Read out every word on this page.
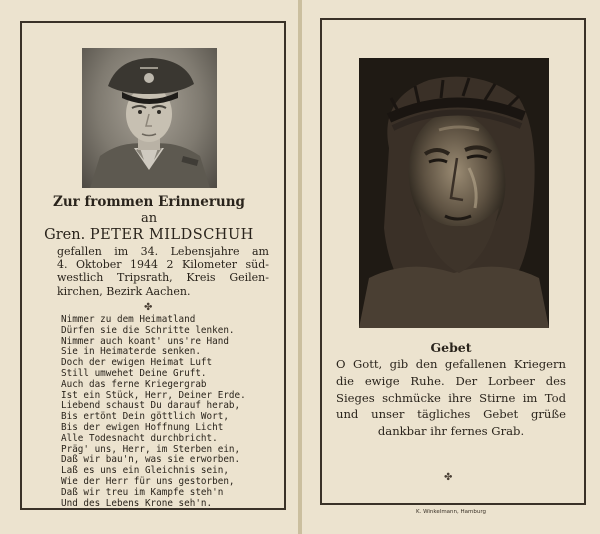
Zur frommen Erinnerung
an
Gren. PETER MILDSCHUH
gefallen im 34. Lebensjahre am
4. Oktober 1944 2 Kilometer süd-
westlich Tripsrath, Kreis Geilen-
kirchen, Bezirk Aachen.
✤
Nimmer zu dem Heimatland
Dürfen sie die Schritte lenken.
Nimmer auch koant' uns're Hand
Sie in Heimaterde senken.
Doch der ewigen Heimat Luft
Still umwehet Deine Gruft.
Auch das ferne Kriegergrab
Ist ein Stück, Herr, Deiner Erde.
Liebend schaust Du darauf herab,
Bis ertönt Dein göttlich Wort,
Bis der ewigen Hoffnung Licht
Alle Todesnacht durchbricht.
Präg' uns, Herr, im Sterben ein,
Daß wir bau'n, was sie erworben.
Laß es uns ein Gleichnis sein,
Wie der Herr für uns gestorben,
Daß wir treu im Kampfe steh'n
Und des Lebens Krone seh'n.
Gebet
O Gott, gib den gefallenen Kriegern
die ewige Ruhe. Der Lorbeer des
Sieges schmücke ihre Stirne im Tod
und unser tägliches Gebet grüße
dankbar ihr fernes Grab.
✤
K. Winkelmann, Hamburg
